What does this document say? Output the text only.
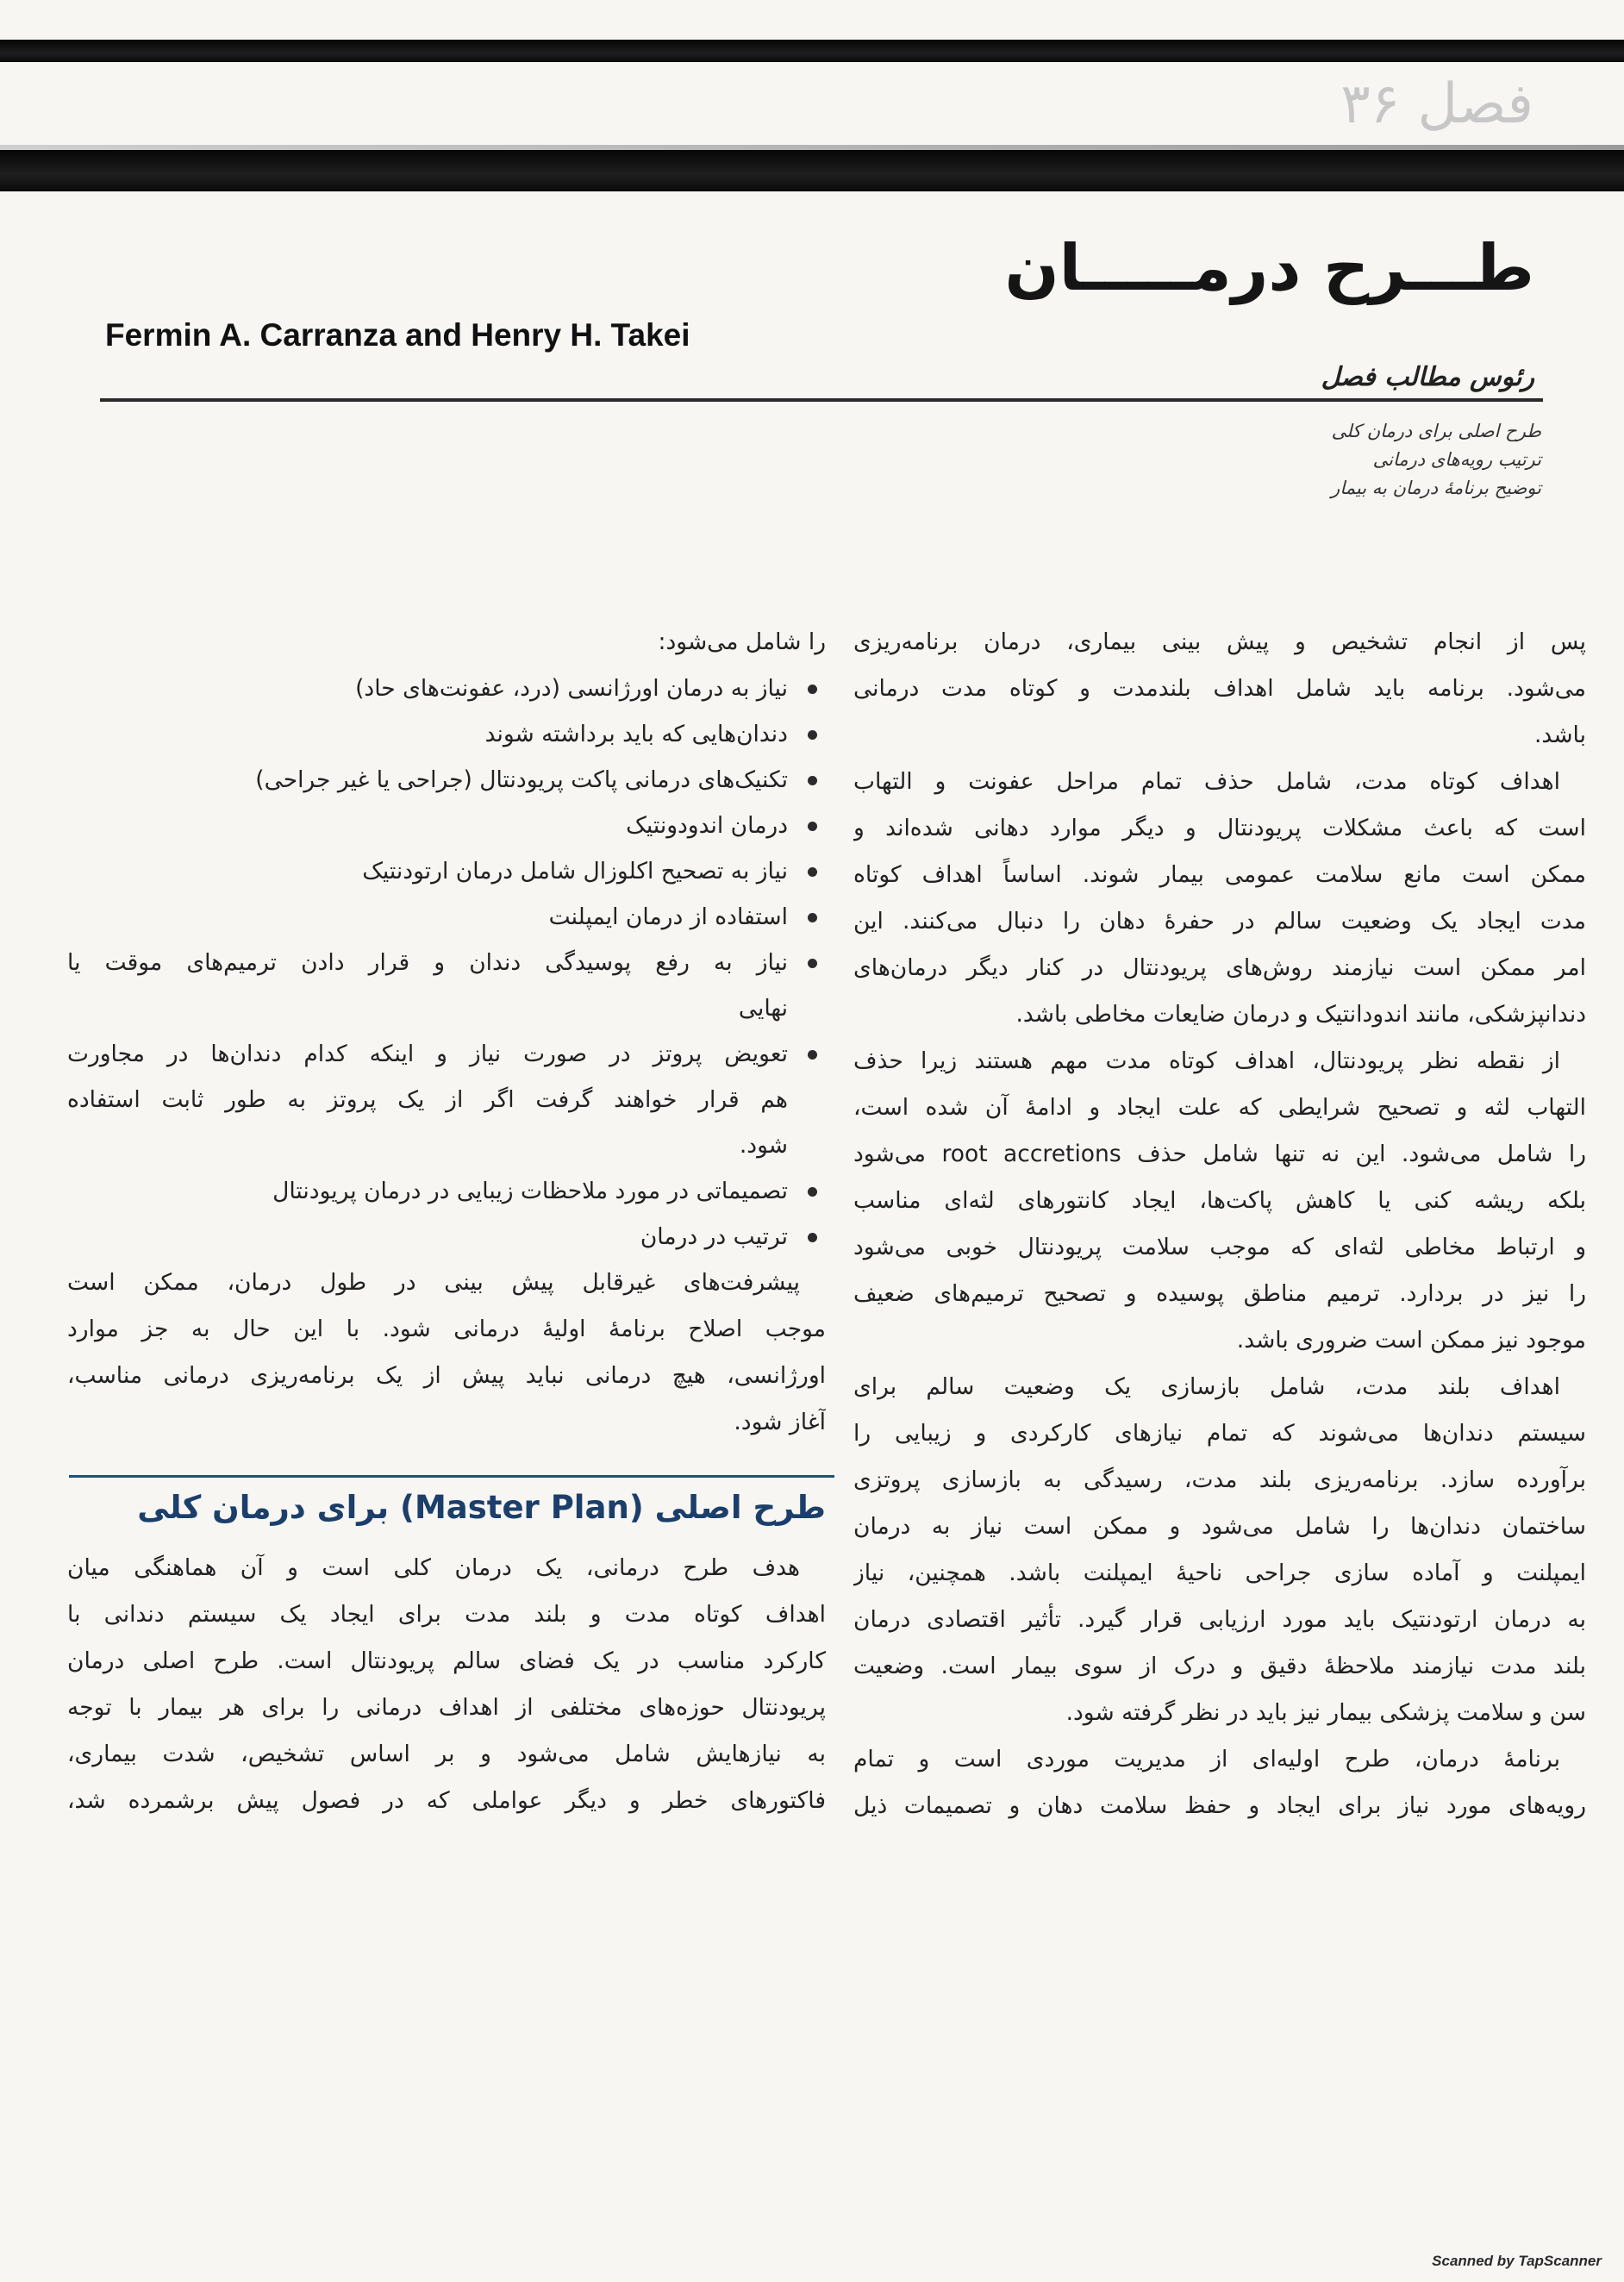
فصل ۳۶
طـــرح درمـــــان
Fermin A. Carranza and Henry H. Takei
رئوس مطالب فصل
طرح اصلی برای درمان کلی
ترتیب رویه‌های درمانی
توضیح برنامهٔ درمان به بیمار

پس از انجام تشخیص و پیش بینی بیماری، درمان برنامه‌ریزی
می‌شود. برنامه باید شامل اهداف بلندمدت و کوتاه مدت درمانی
باشد.

اهداف کوتاه مدت، شامل حذف تمام مراحل عفونت و التهاب
است که باعث مشکلات پریودنتال و دیگر موارد دهانی شده‌اند و
ممکن است مانع سلامت عمومی بیمار شوند. اساساً اهداف کوتاه
مدت ایجاد یک وضعیت سالم در حفرهٔ دهان را دنبال می‌کنند. این
امر ممکن است نیازمند روش‌های پریودنتال در کنار دیگر درمان‌های
دندانپزشکی، مانند اندودانتیک و درمان ضایعات مخاطی باشد.

از نقطه نظر پریودنتال، اهداف کوتاه مدت مهم هستند زیرا حذف
التهاب لثه و تصحیح شرایطی که علت ایجاد و ادامهٔ آن شده است،
را شامل می‌شود. این نه تنها شامل حذف root accretions می‌شود
بلکه ریشه کنی یا کاهش پاکت‌ها، ایجاد کانتورهای لثه‌ای مناسب
و ارتباط مخاطی لثه‌ای که موجب سلامت پریودنتال خوبی می‌شود
را نیز در بردارد. ترمیم مناطق پوسیده و تصحیح ترمیم‌های ضعیف
موجود نیز ممکن است ضروری باشد.

اهداف بلند مدت، شامل بازسازی یک وضعیت سالم برای
سیستم دندان‌ها می‌شوند که تمام نیازهای کارکردی و زیبایی را
برآورده سازد. برنامه‌ریزی بلند مدت، رسیدگی به بازسازی پروتزی
ساختمان دندان‌ها را شامل می‌شود و ممکن است نیاز به درمان
ایمپلنت و آماده سازی جراحی ناحیهٔ ایمپلنت باشد. همچنین، نیاز
به درمان ارتودنتیک باید مورد ارزیابی قرار گیرد. تأثیر اقتصادی درمان
بلند مدت نیازمند ملاحظهٔ دقیق و درک از سوی بیمار است. وضعیت
سن و سلامت پزشکی بیمار نیز باید در نظر گرفته شود.

برنامهٔ درمان، طرح اولیه‌ای از مدیریت موردی است و تمام
رویه‌های مورد نیاز برای ایجاد و حفظ سلامت دهان و تصمیمات ذیل

را شامل می‌شود:
نیاز به درمان اورژانسی (درد، عفونت‌های حاد)
دندان‌هایی که باید برداشته شوند
تکنیک‌های درمانی پاکت پریودنتال (جراحی یا غیر جراحی)
درمان اندودونتیک
نیاز به تصحیح اکلوزال شامل درمان ارتودنتیک
استفاده از درمان ایمپلنت
نیاز به رفع پوسیدگی دندان و قرار دادن ترمیم‌های موقت یا
نهایی
تعویض پروتز در صورت نیاز و اینکه کدام دندان‌ها در مجاورت
هم قرار خواهند گرفت اگر از یک پروتز به طور ثابت استفاده
شود.
تصمیماتی در مورد ملاحظات زیبایی در درمان پریودنتال
ترتیب در درمان

پیشرفت‌های غیرقابل پیش بینی در طول درمان، ممکن است
موجب اصلاح برنامهٔ اولیهٔ درمانی شود. با این حال به جز موارد
اورژانسی، هیچ درمانی نباید پیش از یک برنامه‌ریزی درمانی مناسب،
آغاز شود.

طرح اصلی (Master Plan) برای درمان کلی

هدف طرح درمانی، یک درمان کلی است و آن هماهنگی میان
اهداف کوتاه مدت و بلند مدت برای ایجاد یک سیستم دندانی با
کارکرد مناسب در یک فضای سالم پریودنتال است. طرح اصلی درمان
پریودنتال حوزه‌های مختلفی از اهداف درمانی را برای هر بیمار با توجه
به نیازهایش شامل می‌شود و بر اساس تشخیص، شدت بیماری،
فاکتورهای خطر و دیگر عواملی که در فصول پیش برشمرده شد،

Scanned by TapScanner
